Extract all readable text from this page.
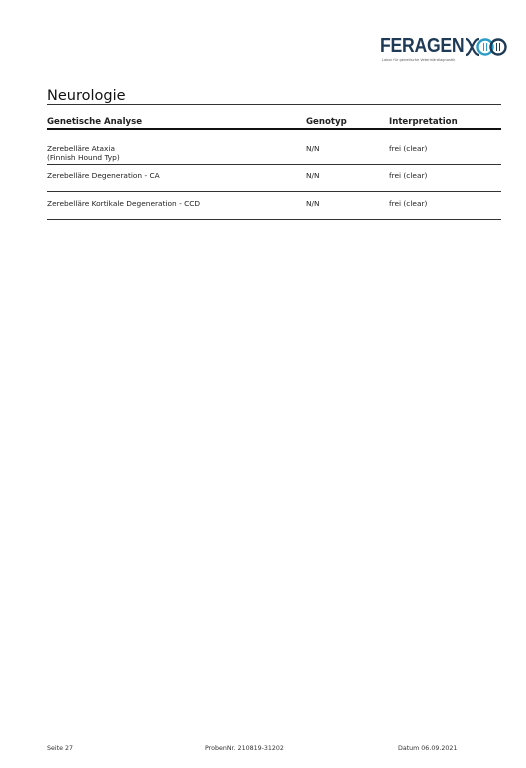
FERAGEN
Labor für genetische Veterinärdiagnostik
Neurologie
Genetische Analyse	Genotyp	Interpretation
Zerebelläre Ataxia
(Finnish Hound Typ)
N/N	frei (clear)
Zerebelläre Degeneration - CA	N/N	frei (clear)
Zerebelläre Kortikale Degeneration - CCD	N/N	frei (clear)
Seite 27	ProbenNr. 210819-31202	Datum 06.09.2021
